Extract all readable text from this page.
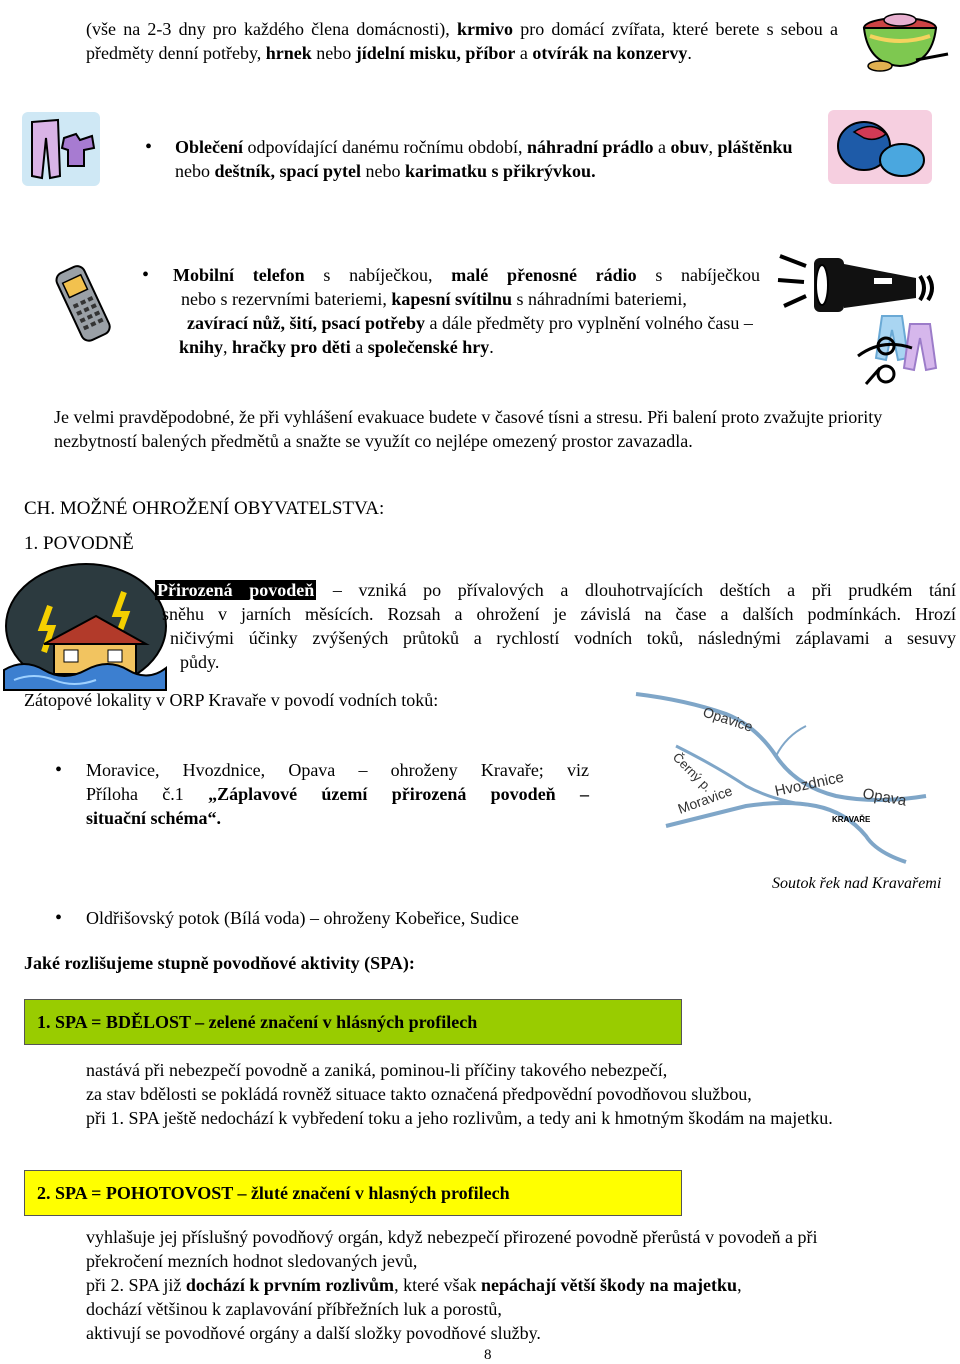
(vše na 2-3 dny pro každého člena domácnosti), krmivo pro domácí zvířata, které berete s sebou a předměty denní potřeby, hrnek nebo jídelní misku, příbor a otvírák na konzervy.
• Oblečení odpovídající danému ročnímu období, náhradní prádlo a obuv, pláštěnku nebo deštník, spací pytel nebo karimatku s přikrývkou.
• Mobilní telefon s nabíječkou, malé přenosné rádio s nabíječkou
nebo s rezervními bateriemi, kapesní svítilnu s náhradními bateriemi,
zavírací nůž, šití, psací potřeby a dále předměty pro vyplnění volného času –
knihy, hračky pro děti a společenské hry.
Je velmi pravděpodobné, že při vyhlášení evakuace budete v časové tísni a stresu. Při balení proto zvažujte priority nezbytností balených předmětů a snažte se využít co nejlépe omezený prostor zavazadla.
CH. MOŽNÉ OHROŽENÍ OBYVATELSTVA:
1. POVODNĚ
Přirozená povodeň – vzniká po přívalových a dlouhotrvajících deštích a při prudkém tání
sněhu v jarních měsících. Rozsah a ohrožení je závislá na čase a dalších podmínkách. Hrozí
ničivými účinky zvýšených průtoků a rychlostí vodních toků, následnými záplavami a sesuvy
půdy.
Zátopové lokality v ORP Kravaře v povodí vodních toků:
• Moravice, Hvozdnice, Opava – ohroženy Kravaře; viz
Příloha č.1 „Záplavové území přirozená povodeň –
situační schéma“.
Opavice
Černý p.	Hvozdnice Opava
Moravice
KRAVAŘE
Soutok řek nad Kravařemi
• Oldřišovský potok (Bílá voda) – ohroženy Kobeřice, Sudice
Jaké rozlišujeme stupně povodňové aktivity (SPA):
1. SPA = BDĚLOST – zelené značení v hlásných profilech
nastává při nebezpečí povodně a zaniká, pominou-li příčiny takového nebezpečí,
za stav bdělosti se pokládá rovněž situace takto označená předpovědní povodňovou službou,
při 1. SPA ještě nedochází k vybředení toku a jeho rozlivům, a tedy ani k hmotným škodám na majetku.
2. SPA = POHOTOVOST – žluté značení v hlasných profilech
vyhlašuje jej příslušný povodňový orgán, když nebezpečí přirozené povodně přerůstá v povodeň a při
překročení mezních hodnot sledovaných jevů,
při 2. SPA již dochází k prvním rozlivům, které však nepáchají větší škody na majetku,
dochází většinou k zaplavování příbřežních luk a porostů,
aktivují se povodňové orgány a další složky povodňové služby.
8
